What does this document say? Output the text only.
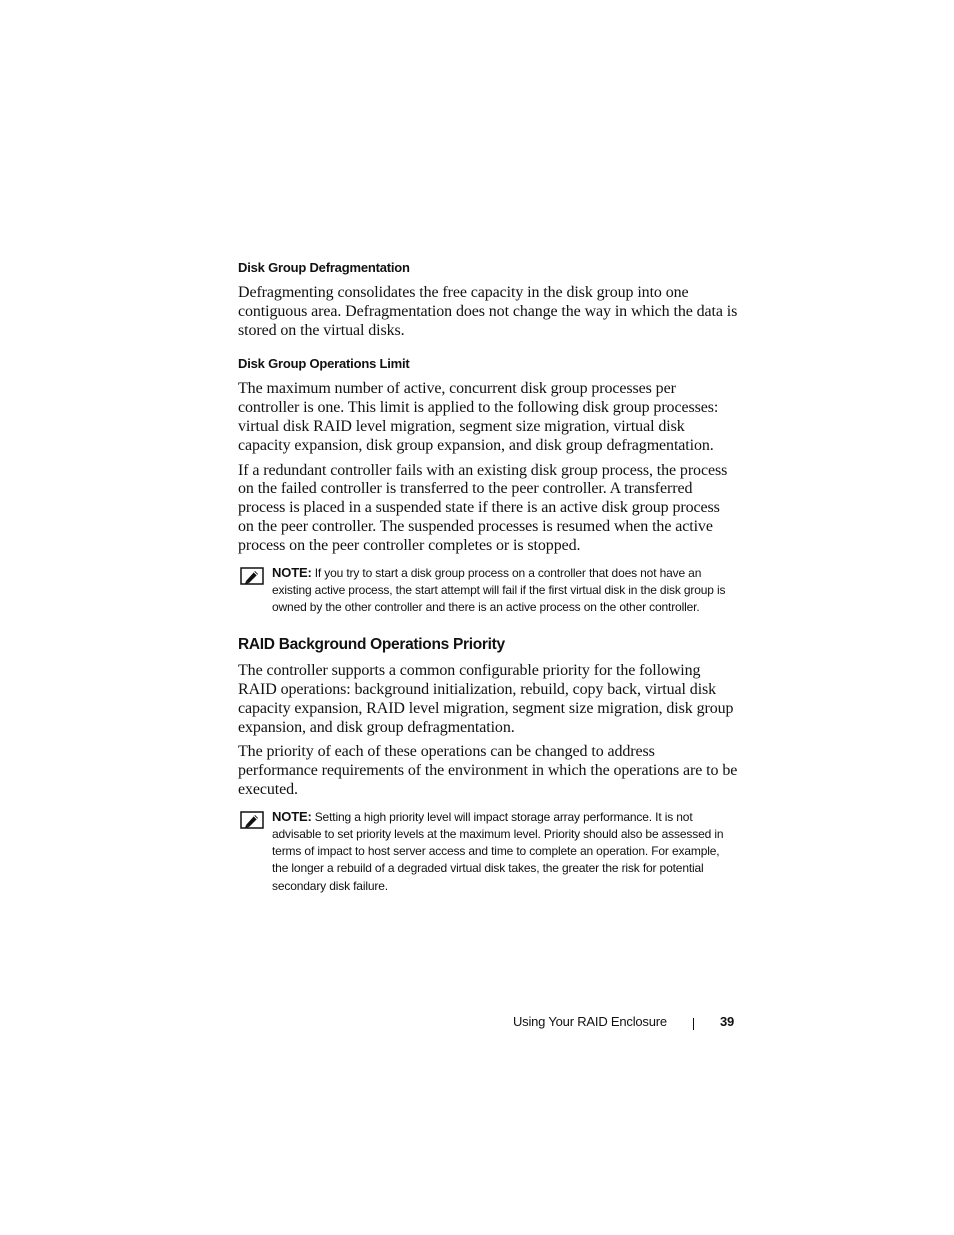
Disk Group Defragmentation

Defragmenting consolidates the free capacity in the disk group into one contiguous area. Defragmentation does not change the way in which the data is stored on the virtual disks.

Disk Group Operations Limit

The maximum number of active, concurrent disk group processes per controller is one. This limit is applied to the following disk group processes: virtual disk RAID level migration, segment size migration, virtual disk capacity expansion, disk group expansion, and disk group defragmentation.

If a redundant controller fails with an existing disk group process, the process on the failed controller is transferred to the peer controller. A transferred process is placed in a suspended state if there is an active disk group process on the peer controller. The suspended processes is resumed when the active process on the peer controller completes or is stopped.

NOTE: If you try to start a disk group process on a controller that does not have an existing active process, the start attempt will fail if the first virtual disk in the disk group is owned by the other controller and there is an active process on the other controller.
RAID Background Operations Priority

The controller supports a common configurable priority for the following RAID operations: background initialization, rebuild, copy back, virtual disk capacity expansion, RAID level migration, segment size migration, disk group expansion, and disk group defragmentation.

The priority of each of these operations can be changed to address performance requirements of the environment in which the operations are to be executed.

NOTE: Setting a high priority level will impact storage array performance. It is not advisable to set priority levels at the maximum level. Priority should also be assessed in terms of impact to host server access and time to complete an operation. For example, the longer a rebuild of a degraded virtual disk takes, the greater the risk for potential secondary disk failure.
Using Your RAID Enclosure	39
